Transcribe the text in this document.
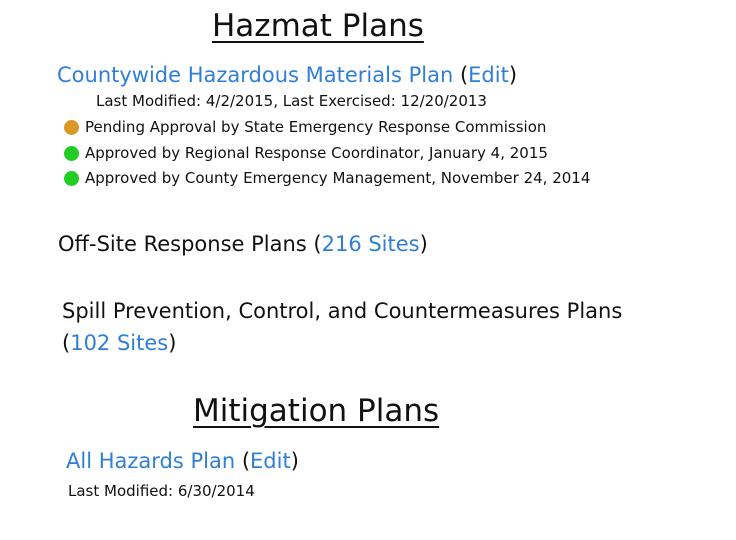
Hazmat Plans
Countywide Hazardous Materials Plan (Edit)
Last Modified: 4/2/2015, Last Exercised: 12/20/2013
Pending Approval by State Emergency Response Commission
Approved by Regional Response Coordinator, January 4, 2015
Approved by County Emergency Management, November 24, 2014
Off-Site Response Plans (216 Sites)
Spill Prevention, Control, and Countermeasures Plans
(102 Sites)
Mitigation Plans
All Hazards Plan (Edit)
Last Modified: 6/30/2014
